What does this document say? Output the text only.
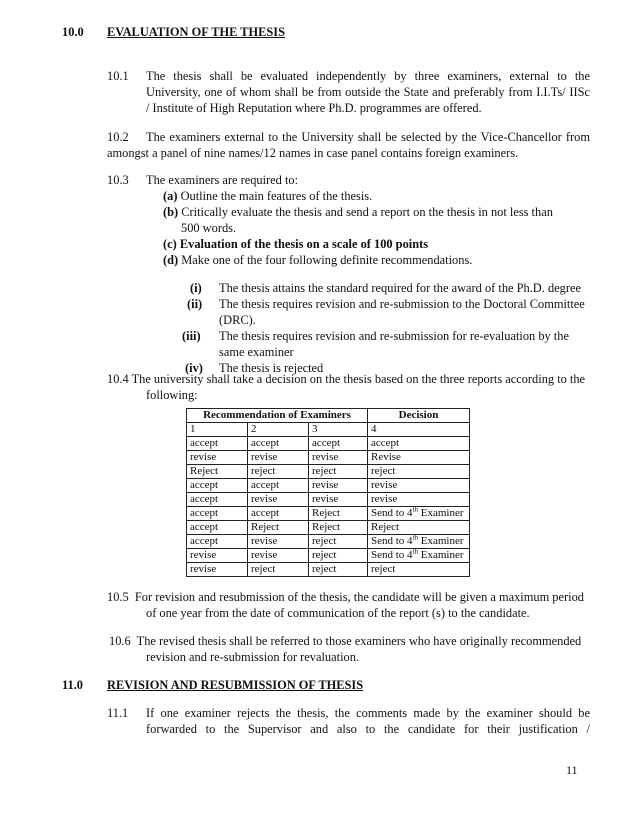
10.0 EVALUATION OF THE THESIS
10.1 The thesis shall be evaluated independently by three examiners, external to the
University, one of whom shall be from outside the State and preferably from I.I.Ts/ IISc
/ Institute of High Reputation where Ph.D. programmes are offered.
10.2 The examiners external to the University shall be selected by the Vice-Chancellor from
amongst a panel of nine names/12 names in case panel contains foreign examiners.
10.3 The examiners are required to:
(a) Outline the main features of the thesis.
(b) Critically evaluate the thesis and send a report on the thesis in not less than
500 words.
(c) Evaluation of the thesis on a scale of 100 points
(d) Make one of the four following definite recommendations.
(i) The thesis attains the standard required for the award of the Ph.D. degree
(ii) The thesis requires revision and re-submission to the Doctoral Committee
(DRC).
(iii) The thesis requires revision and re-submission for re-evaluation by the
same examiner
(iv) The thesis is rejected
10.4 The university shall take a decision on the thesis based on the three reports according to the
following:
Recommendation of Examiners			Decision
1	2	3	4
accept	accept	accept	accept
revise	revise	revise	Revise
Reject	reject	reject	reject
accept	accept	revise	revise
accept	revise	revise	revise
accept	accept	Reject	Send to 4th Examiner
accept	Reject	Reject	Reject
accept	revise	reject	Send to 4th Examiner
revise	revise	reject	Send to 4th Examiner
revise	reject	reject	reject
10.5 For revision and resubmission of the thesis, the candidate will be given a maximum period
of one year from the date of communication of the report (s) to the candidate.
10.6 The revised thesis shall be referred to those examiners who have originally recommended
revision and re-submission for revaluation.
11.0 REVISION AND RESUBMISSION OF THESIS
11.1 If one examiner rejects the thesis, the comments made by the examiner should be
forwarded to the Supervisor and also to the candidate for their justification /
11
